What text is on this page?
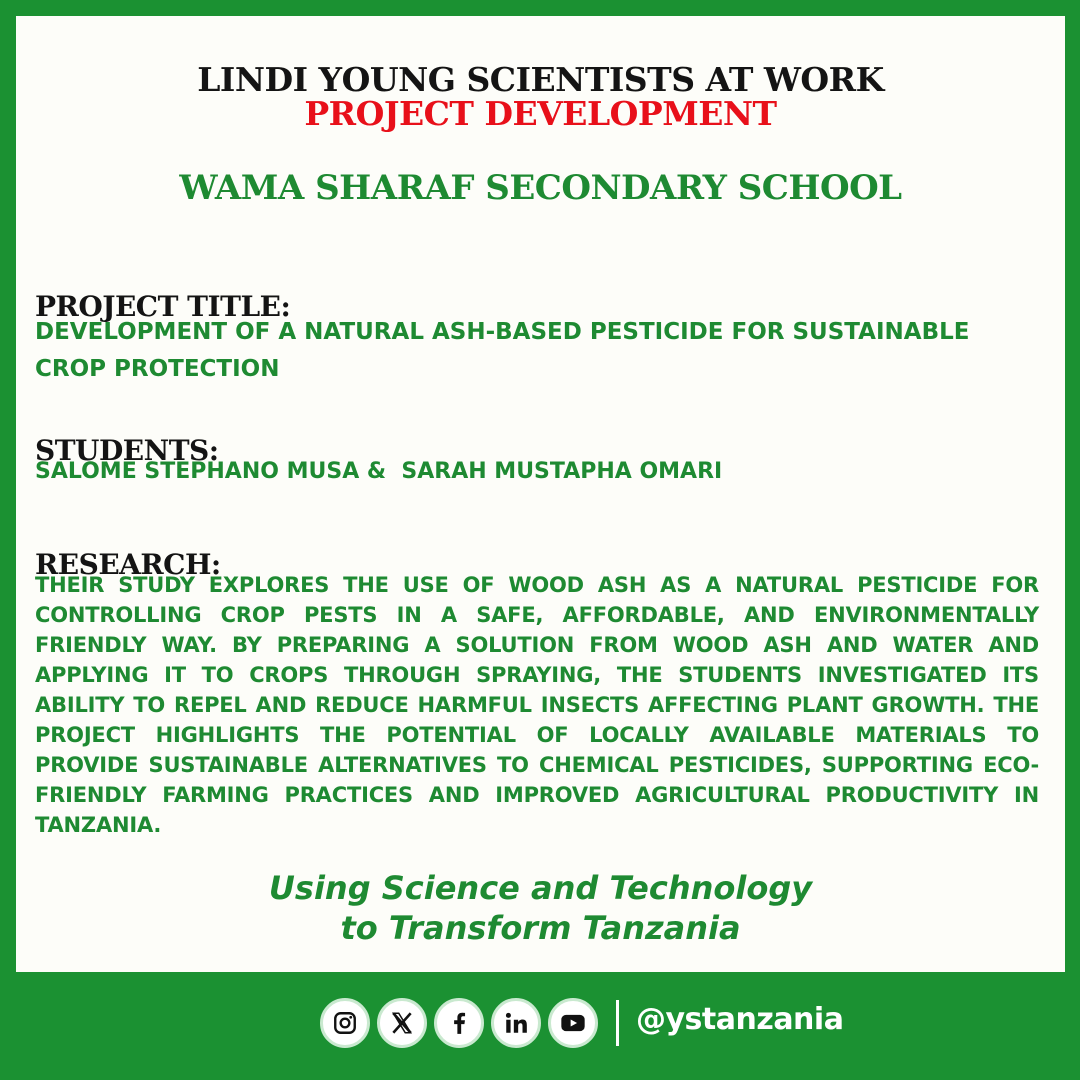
LINDI YOUNG SCIENTISTS AT WORK
PROJECT DEVELOPMENT
WAMA SHARAF SECONDARY SCHOOL
PROJECT TITLE:
DEVELOPMENT OF A NATURAL ASH-BASED PESTICIDE FOR SUSTAINABLE CROP PROTECTION
STUDENTS:
SALOME STEPHANO MUSA &  SARAH MUSTAPHA OMARI
RESEARCH:
THEIR STUDY EXPLORES THE USE OF WOOD ASH AS A NATURAL PESTICIDE FOR CONTROLLING CROP PESTS IN A SAFE, AFFORDABLE, AND ENVIRONMENTALLY FRIENDLY WAY. BY PREPARING A SOLUTION FROM WOOD ASH AND WATER AND APPLYING IT TO CROPS THROUGH SPRAYING, THE STUDENTS INVESTIGATED ITS ABILITY TO REPEL AND REDUCE HARMFUL INSECTS AFFECTING PLANT GROWTH. THE PROJECT HIGHLIGHTS THE POTENTIAL OF LOCALLY AVAILABLE MATERIALS TO PROVIDE SUSTAINABLE ALTERNATIVES TO CHEMICAL PESTICIDES, SUPPORTING ECO-FRIENDLY FARMING PRACTICES AND IMPROVED AGRICULTURAL PRODUCTIVITY IN TANZANIA.
Using Science and Technology
to Transform Tanzania
@ystanzania
